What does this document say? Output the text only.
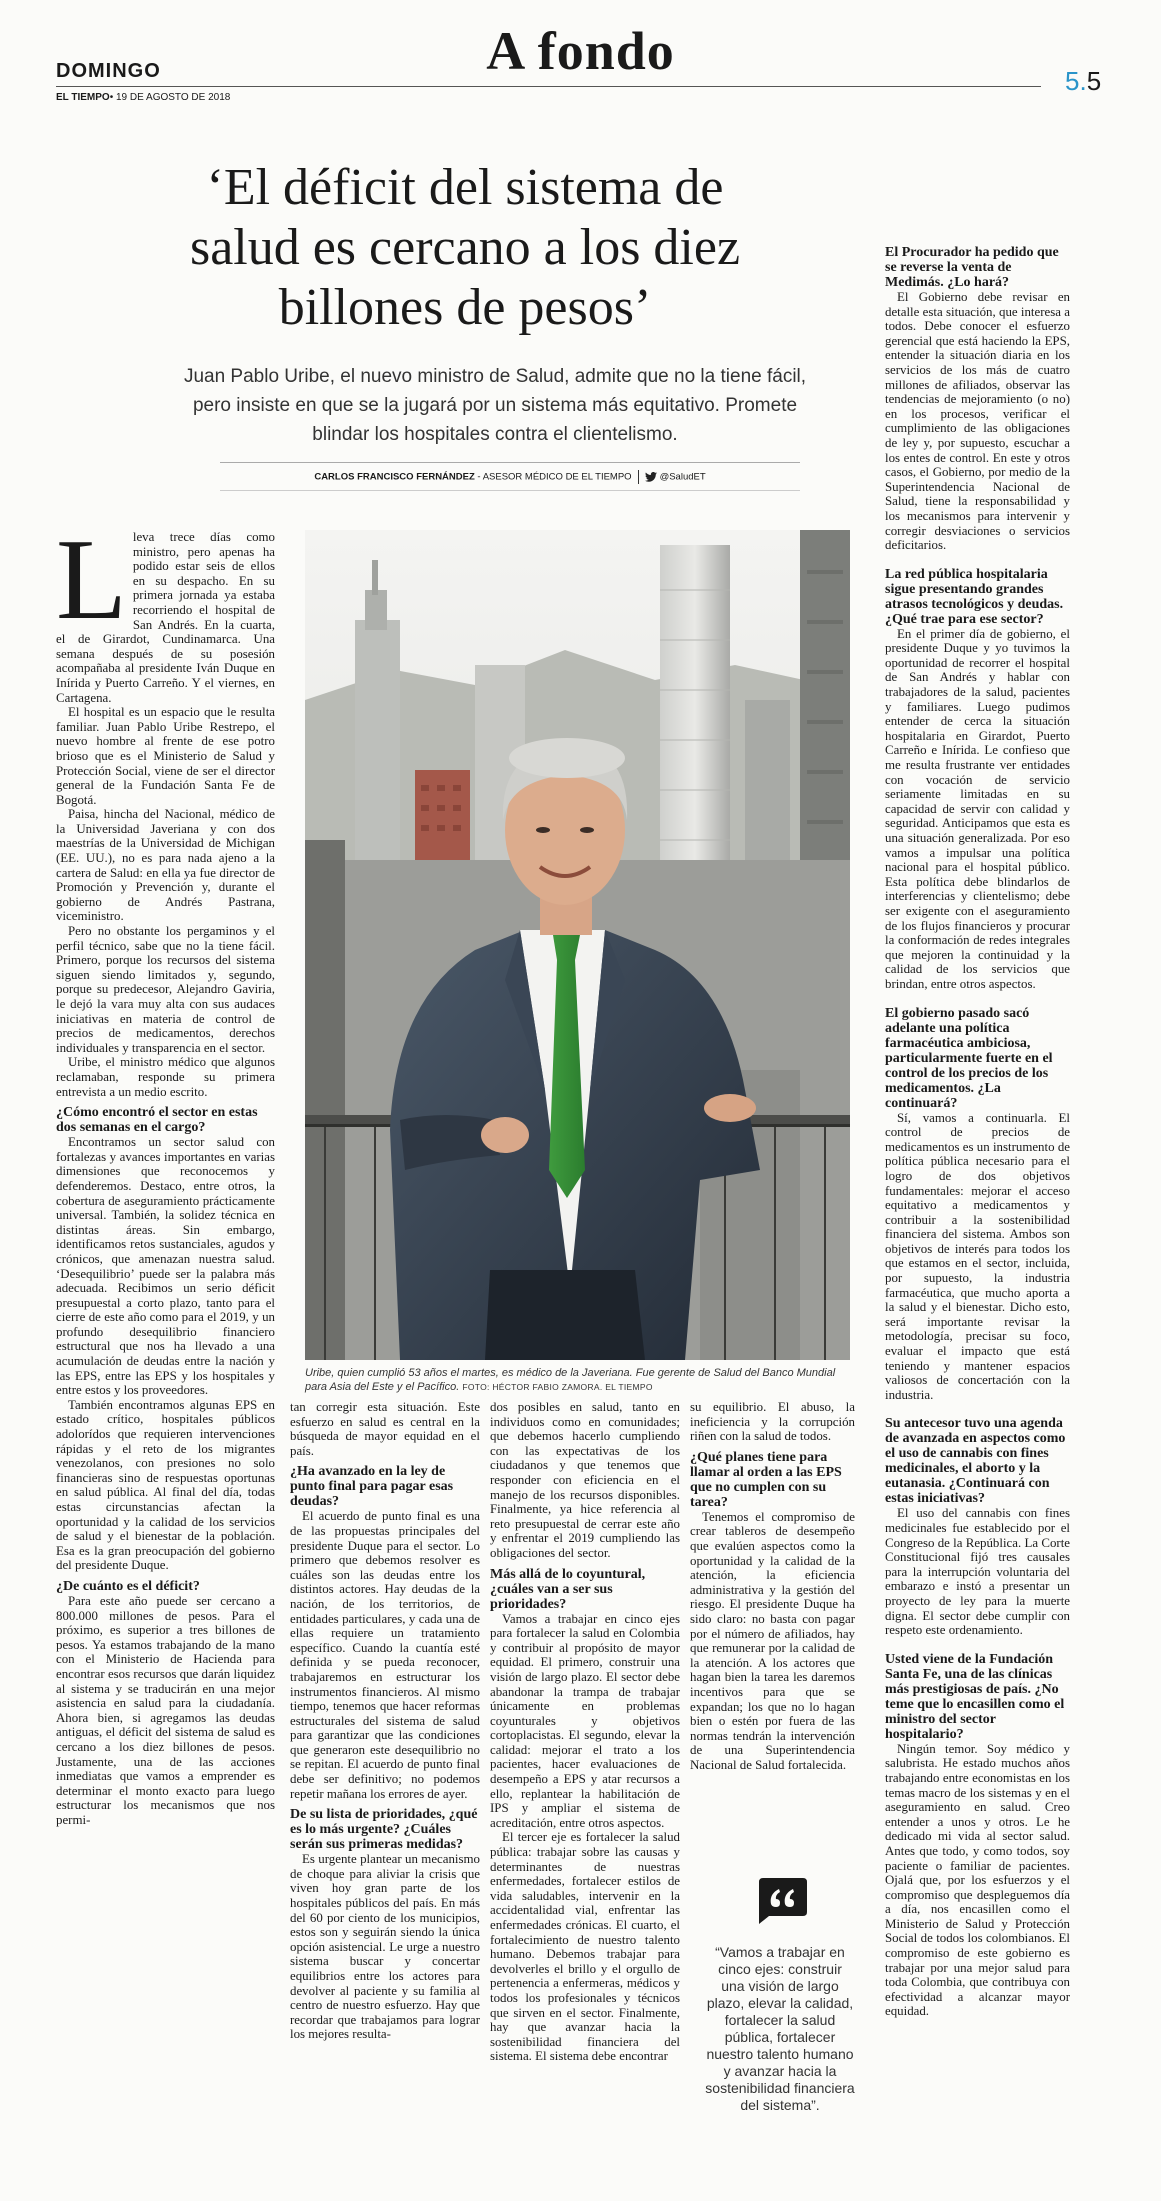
DOMINGO
EL TIEMPO• 19 DE AGOSTO DE 2018
A fondo	5.5
‘El déficit del sistema de salud es cercano a los diez billones de pesos’
Juan Pablo Uribe, el nuevo ministro de Salud, admite que no la tiene fácil, pero insiste en que se la jugará por un sistema más equitativo. Promete blindar los hospitales contra el clientelismo.
CARLOS FRANCISCO FERNÁNDEZ - ASESOR MÉDICO DE EL TIEMPO	@SaludET
L leva trece días como ministro, pero apenas ha podido estar seis de ellos en su despacho. En su primera jornada ya estaba recorriendo el hospital de San Andrés. En la cuarta, el de Girardot, Cundinamarca. Una semana después de su posesión acompañaba al presidente Iván Duque en Inírida y Puerto Carreño. Y el viernes, en Cartagena.

El hospital es un espacio que le resulta familiar. Juan Pablo Uribe Restrepo, el nuevo hombre al frente de ese potro brioso que es el Ministerio de Salud y Protección Social, viene de ser el director general de la Fundación Santa Fe de Bogotá.

Paisa, hincha del Nacional, médico de la Universidad Javeriana y con dos maestrías de la Universidad de Michigan (EE. UU.), no es para nada ajeno a la cartera de Salud: en ella ya fue director de Promoción y Prevención y, durante el gobierno de Andrés Pastrana, viceministro.

Pero no obstante los pergaminos y el perfil técnico, sabe que no la tiene fácil. Primero, porque los recursos del sistema siguen siendo limitados y, segundo, porque su predecesor, Alejandro Gaviria, le dejó la vara muy alta con sus audaces iniciativas en materia de control de precios de medicamentos, derechos individuales y transparencia en el sector.

Uribe, el ministro médico que algunos reclamaban, responde su primera entrevista a un medio escrito.

¿Cómo encontró el sector en estas dos semanas en el cargo?

Encontramos un sector salud con fortalezas y avances importantes en varias dimensiones que reconocemos y defenderemos. Destaco, entre otros, la cobertura de aseguramiento prácticamente universal. También, la solidez técnica en distintas áreas. Sin embargo, identificamos retos sustanciales, agudos y crónicos, que amenazan nuestra salud. ‘Desequilibrio’ puede ser la palabra más adecuada. Recibimos un serio déficit presupuestal a corto plazo, tanto para el cierre de este año como para el 2019, y un profundo desequilibrio financiero estructural que nos ha llevado a una acumulación de deudas entre la nación y las EPS, entre las EPS y los hospitales y entre estos y los proveedores.

También encontramos algunas EPS en estado crítico, hospitales públicos adolorídos que requieren intervenciones rápidas y el reto de los migrantes venezolanos, con presiones no solo financieras sino de respuestas oportunas en salud pública. Al final del día, todas estas circunstancias afectan la oportunidad y la calidad de los servicios de salud y el bienestar de la población. Esa es la gran preocupación del gobierno del presidente Duque.

¿De cuánto es el déficit?

Para este año puede ser cercano a 800.000 millones de pesos. Para el próximo, es superior a tres billones de pesos. Ya estamos trabajando de la mano con el Ministerio de Hacienda para encontrar esos recursos que darán liquidez al sistema y se traducirán en una mejor asistencia en salud para la ciudadanía. Ahora bien, si agregamos las deudas antiguas, el déficit del sistema de salud es cercano a los diez billones de pesos. Justamente, una de las acciones inmediatas que vamos a emprender es determinar el monto exacto para luego estructurar los mecanismos que nos permi-

Uribe, quien cumplió 53 años el martes, es médico de la Javeriana. Fue gerente de Salud del Banco Mundial para Asia del Este y el Pacífico. FOTO: HÉCTOR FABIO ZAMORA. EL TIEMPO

tan corregir esta situación. Este esfuerzo en salud es central en la búsqueda de mayor equidad en el país.

¿Ha avanzado en la ley de punto final para pagar esas deudas?

El acuerdo de punto final es una de las propuestas principales del presidente Duque para el sector. Lo primero que debemos resolver es cuáles son las deudas entre los distintos actores. Hay deudas de la nación, de los territorios, de entidades particulares, y cada una de ellas requiere un tratamiento específico. Cuando la cuantía esté definida y se pueda reconocer, trabajaremos en estructurar los instrumentos financieros. Al mismo tiempo, tenemos que hacer reformas estructurales del sistema de salud para garantizar que las condiciones que generaron este desequilibrio no se repitan. El acuerdo de punto final debe ser definitivo; no podemos repetir mañana los errores de ayer.

De su lista de prioridades, ¿qué es lo más urgente? ¿Cuáles serán sus primeras medidas?

Es urgente plantear un mecanismo de choque para aliviar la crisis que viven hoy gran parte de los hospitales públicos del país. En más del 60 por ciento de los municipios, estos son y seguirán siendo la única opción asistencial. Le urge a nuestro sistema buscar y concertar equilibrios entre los actores para devolver al paciente y su familia al centro de nuestro esfuerzo. Hay que recordar que trabajamos para lograr los mejores resulta-

dos posibles en salud, tanto en individuos como en comunidades; que debemos hacerlo cumpliendo con las expectativas de los ciudadanos y que tenemos que responder con eficiencia en el manejo de los recursos disponibles. Finalmente, ya hice referencia al reto presupuestal de cerrar este año y enfrentar el 2019 cumpliendo las obligaciones del sector.

Más allá de lo coyuntural, ¿cuáles van a ser sus prioridades?

Vamos a trabajar en cinco ejes para fortalecer la salud en Colombia y contribuir al propósito de mayor equidad. El primero, construir una visión de largo plazo. El sector debe abandonar la trampa de trabajar únicamente en problemas coyunturales y objetivos cortoplacistas. El segundo, elevar la calidad: mejorar el trato a los pacientes, hacer evaluaciones de desempeño a EPS y atar recursos a ello, replantear la habilitación de IPS y ampliar el sistema de acreditación, entre otros aspectos.

El tercer eje es fortalecer la salud pública: trabajar sobre las causas y determinantes de nuestras enfermedades, fortalecer estilos de vida saludables, intervenir en la accidentalidad vial, enfrentar las enfermedades crónicas. El cuarto, el fortalecimiento de nuestro talento humano. Debemos trabajar para devolverles el brillo y el orgullo de pertenencia a enfermeras, médicos y todos los profesionales y técnicos que sirven en el sector. Finalmente, hay que avanzar hacia la sostenibilidad financiera del sistema. El sistema debe encontrar

su equilibrio. El abuso, la ineficiencia y la corrupción riñen con la salud de todos.

¿Qué planes tiene para llamar al orden a las EPS que no cumplen con su tarea?

Tenemos el compromiso de crear tableros de desempeño que evalúen aspectos como la oportunidad y la calidad de la atención, la eficiencia administrativa y la gestión del riesgo. El presidente Duque ha sido claro: no basta con pagar por el número de afiliados, hay que remunerar por la calidad de la atención. A los actores que hagan bien la tarea les daremos incentivos para que se expandan; los que no lo hagan bien o estén por fuera de las normas tendrán la intervención de una Superintendencia Nacional de Salud fortalecida.

“Vamos a trabajar en cinco ejes: construir una visión de largo plazo, elevar la calidad, fortalecer la salud pública, fortalecer nuestro talento humano y avanzar hacia la sostenibilidad financiera del sistema”.
El Procurador ha pedido que se reverse la venta de Medimás. ¿Lo hará?

El Gobierno debe revisar en detalle esta situación, que interesa a todos. Debe conocer el esfuerzo gerencial que está haciendo la EPS, entender la situación diaria en los servicios de los más de cuatro millones de afiliados, observar las tendencias de mejoramiento (o no) en los procesos, verificar el cumplimiento de las obligaciones de ley y, por supuesto, escuchar a los entes de control. En este y otros casos, el Gobierno, por medio de la Superintendencia Nacional de Salud, tiene la responsabilidad y los mecanismos para intervenir y corregir desviaciones o servicios deficitarios.

La red pública hospitalaria sigue presentando grandes atrasos tecnológicos y deudas. ¿Qué trae para ese sector?

En el primer día de gobierno, el presidente Duque y yo tuvimos la oportunidad de recorrer el hospital de San Andrés y hablar con trabajadores de la salud, pacientes y familiares. Luego pudimos entender de cerca la situación hospitalaria en Girardot, Puerto Carreño e Inírida. Le confieso que me resulta frustrante ver entidades con vocación de servicio seriamente limitadas en su capacidad de servir con calidad y seguridad. Anticipamos que esta es una situación generalizada. Por eso vamos a impulsar una política nacional para el hospital público. Esta política debe blindarlos de interferencias y clientelismo; debe ser exigente con el aseguramiento de los flujos financieros y procurar la conformación de redes integrales que mejoren la continuidad y la calidad de los servicios que brindan, entre otros aspectos.

El gobierno pasado sacó adelante una política farmacéutica ambiciosa, particularmente fuerte en el control de los precios de los medicamentos. ¿La continuará?

Sí, vamos a continuarla. El control de precios de medicamentos es un instrumento de política pública necesario para el logro de dos objetivos fundamentales: mejorar el acceso equitativo a medicamentos y contribuir a la sostenibilidad financiera del sistema. Ambos son objetivos de interés para todos los que estamos en el sector, incluida, por supuesto, la industria farmacéutica, que mucho aporta a la salud y el bienestar. Dicho esto, será importante revisar la metodología, precisar su foco, evaluar el impacto que está teniendo y mantener espacios valiosos de concertación con la industria.

Su antecesor tuvo una agenda de avanzada en aspectos como el uso de cannabis con fines medicinales, el aborto y la eutanasia. ¿Continuará con estas iniciativas?

El uso del cannabis con fines medicinales fue establecido por el Congreso de la República. La Corte Constitucional fijó tres causales para la interrupción voluntaria del embarazo e instó a presentar un proyecto de ley para la muerte digna. El sector debe cumplir con respeto este ordenamiento.

Usted viene de la Fundación Santa Fe, una de las clínicas más prestigiosas de país. ¿No teme que lo encasillen como el ministro del sector hospitalario?

Ningún temor. Soy médico y salubrista. He estado muchos años trabajando entre economistas en los temas macro de los sistemas y en el aseguramiento en salud. Creo entender a unos y otros. Le he dedicado mi vida al sector salud. Antes que todo, y como todos, soy paciente o familiar de pacientes. Ojalá que, por los esfuerzos y el compromiso que despleguemos día a día, nos encasillen como el Ministerio de Salud y Protección Social de todos los colombianos. El compromiso de este gobierno es trabajar por una mejor salud para toda Colombia, que contribuya con efectividad a alcanzar mayor equidad.
